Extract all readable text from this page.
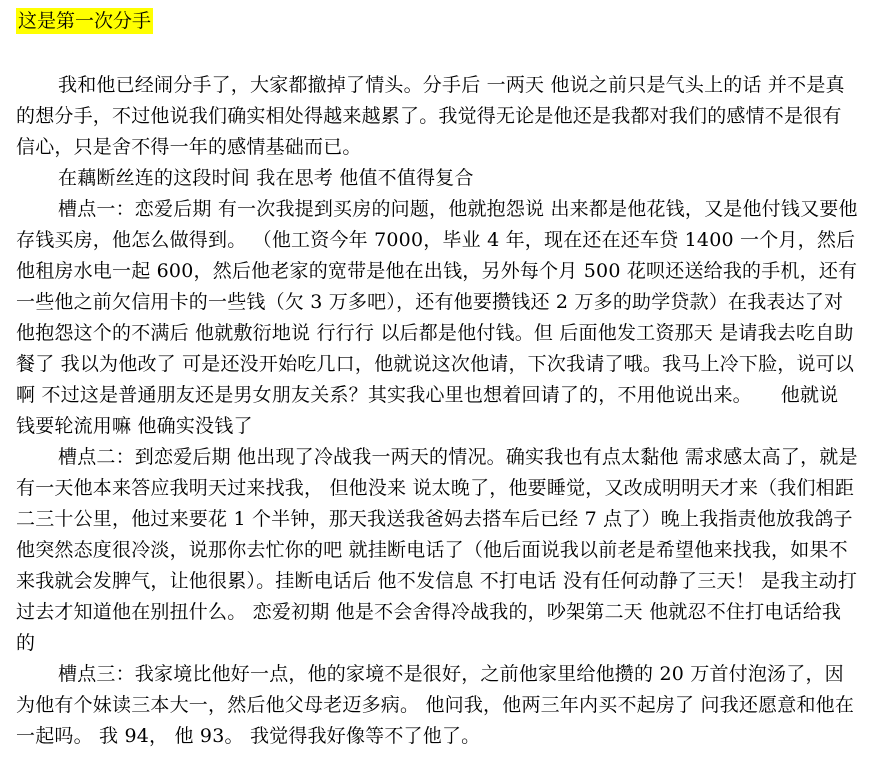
这是第一次分手

我和他已经闹分手了，大家都撤掉了情头。分手后 一两天 他说之前只是气头上的话 并不是真的想分手，不过他说我们确实相处得越来越累了。我觉得无论是他还是我都对我们的感情不是很有信心，只是舍不得一年的感情基础而已。

在藕断丝连的这段时间 我在思考 他值不值得复合

槽点一：恋爱后期 有一次我提到买房的问题，他就抱怨说 出来都是他花钱，又是他付钱又要他存钱买房，他怎么做得到。 （他工资今年 7000，毕业 4 年，现在还在还车贷 1400 一个月，然后他租房水电一起 600，然后他老家的宽带是他在出钱，另外每个月 500 花呗还送给我的手机，还有一些他之前欠信用卡的一些钱（欠 3 万多吧），还有他要攒钱还 2 万多的助学贷款）在我表达了对他抱怨这个的不满后 他就敷衍地说 行行行 以后都是他付钱。但 后面他发工资那天 是请我去吃自助餐了 我以为他改了 可是还没开始吃几口，他就说这次他请，下次我请了哦。我马上冷下脸，说可以啊 不过这是普通朋友还是男女朋友关系？其实我心里也想着回请了的，不用他说出来。　　他就说 钱要轮流用嘛 他确实没钱了

槽点二：到恋爱后期 他出现了冷战我一两天的情况。确实我也有点太黏他 需求感太高了，就是有一天他本来答应我明天过来找我， 但他没来 说太晚了，他要睡觉，又改成明明天才来（我们相距二三十公里，他过来要花 1 个半钟，那天我送我爸妈去搭车后已经 7 点了）晚上我指责他放我鸽子 他突然态度很冷淡，说那你去忙你的吧 就挂断电话了（他后面说我以前老是希望他来找我，如果不来我就会发脾气，让他很累）。挂断电话后 他不发信息 不打电话 没有任何动静了三天！ 是我主动打过去才知道他在别扭什么。 恋爱初期 他是不会舍得冷战我的，吵架第二天 他就忍不住打电话给我的

槽点三：我家境比他好一点，他的家境不是很好，之前他家里给他攒的 20 万首付泡汤了，因为他有个妹读三本大一，然后他父母老迈多病。 他问我，他两三年内买不起房了 问我还愿意和他在一起吗。 我 94， 他 93。 我觉得我好像等不了他了。
